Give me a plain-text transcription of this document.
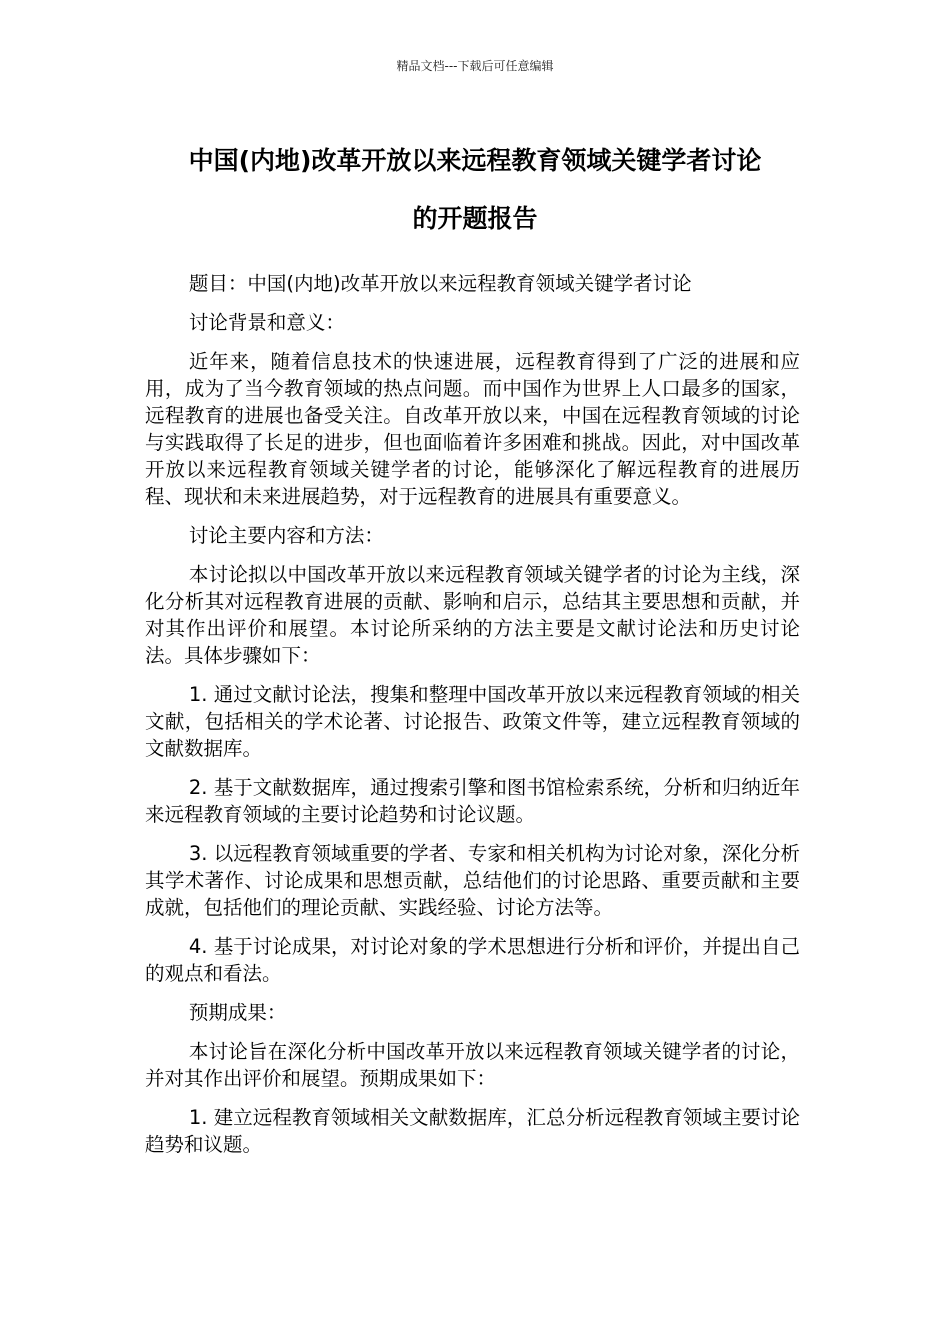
精品文档---下载后可任意编辑
中国(内地)改革开放以来远程教育领域关键学者讨论
的开题报告

题目：中国(内地)改革开放以来远程教育领域关键学者讨论

讨论背景和意义：

近年来，随着信息技术的快速进展，远程教育得到了广泛的进展和应用，成为了当今教育领域的热点问题。而中国作为世界上人口最多的国家，远程教育的进展也备受关注。自改革开放以来，中国在远程教育领域的讨论与实践取得了长足的进步，但也面临着许多困难和挑战。因此，对中国改革开放以来远程教育领域关键学者的讨论，能够深化了解远程教育的进展历程、现状和未来进展趋势，对于远程教育的进展具有重要意义。

讨论主要内容和方法：

本讨论拟以中国改革开放以来远程教育领域关键学者的讨论为主线，深化分析其对远程教育进展的贡献、影响和启示，总结其主要思想和贡献，并对其作出评价和展望。本讨论所采纳的方法主要是文献讨论法和历史讨论法。具体步骤如下：

1. 通过文献讨论法，搜集和整理中国改革开放以来远程教育领域的相关文献，包括相关的学术论著、讨论报告、政策文件等，建立远程教育领域的文献数据库。

2. 基于文献数据库，通过搜索引擎和图书馆检索系统，分析和归纳近年来远程教育领域的主要讨论趋势和讨论议题。

3. 以远程教育领域重要的学者、专家和相关机构为讨论对象，深化分析其学术著作、讨论成果和思想贡献，总结他们的讨论思路、重要贡献和主要成就，包括他们的理论贡献、实践经验、讨论方法等。

4. 基于讨论成果，对讨论对象的学术思想进行分析和评价，并提出自己的观点和看法。

预期成果：

本讨论旨在深化分析中国改革开放以来远程教育领域关键学者的讨论，并对其作出评价和展望。预期成果如下：

1. 建立远程教育领域相关文献数据库，汇总分析远程教育领域主要讨论趋势和议题。
